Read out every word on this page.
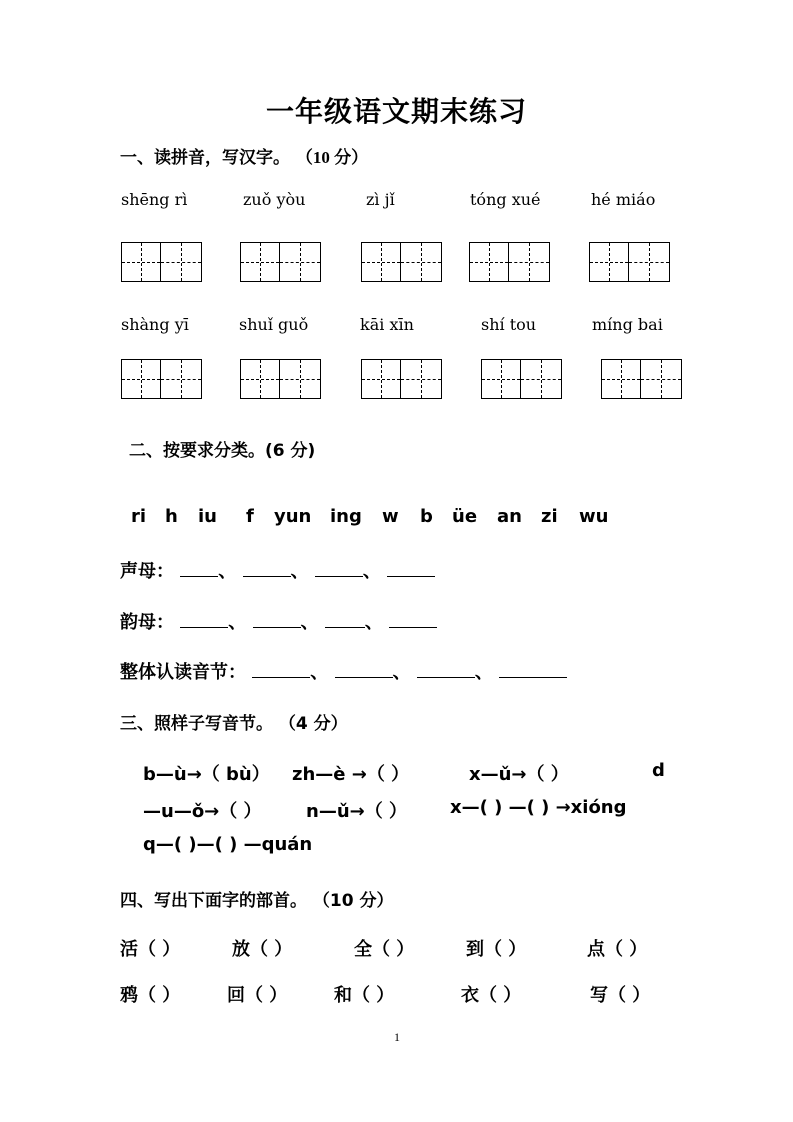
一年级语文期末练习
一、读拼音，写汉字。 （10 分）
shēng rì	zuǒ yòu	zì jǐ	tóng xué	hé miáo
shàng yī	shuǐ guǒ	kāi xīn	shí tou	míng bai
二、按要求分类。(6 分)
ri h iu f yun ing w b üe an zi wu
声母： 、	、	、
韵母：	、	、	、
整体认读音节：	、	、	、
三、照样子写音节。 （4 分）
b—ù→（ bù） zh—è →（ ）	x—ǔ→（ ）	d
—u—ǒ→（ ） n—ǔ→（ ） x—( ) —( ) →xióng
q—( )—( ) —quán
四、写出下面字的部首。 （10 分）
活（ ）	放（ ）	全（ ）	到（ ）	点（ ）
鸦（ ）	回（ ）	和（ ）	衣（ ）	写（ ）
1
